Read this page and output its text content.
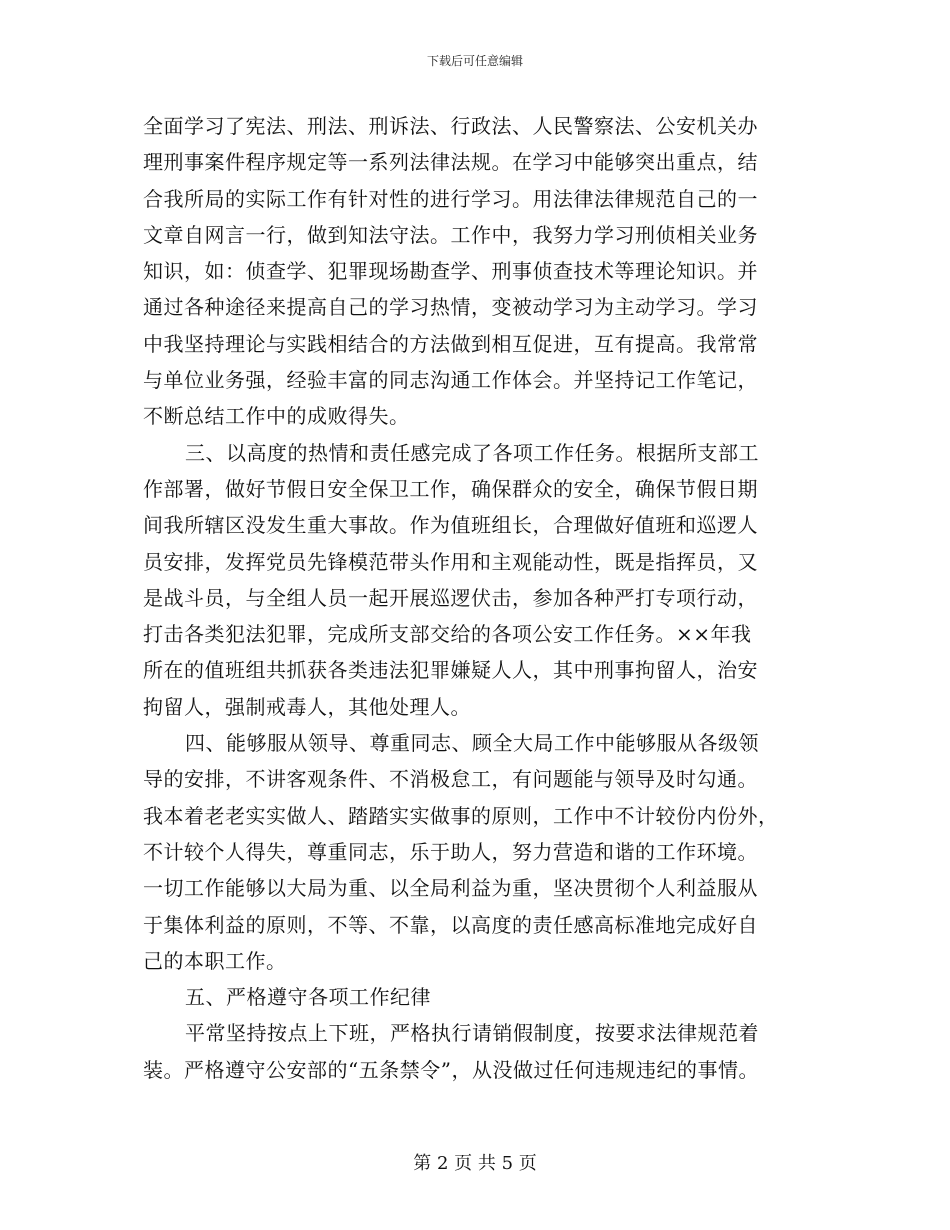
下载后可任意编辑
全面学习了宪法、刑法、刑诉法、行政法、人民警察法、公安机关办
理刑事案件程序规定等一系列法律法规。在学习中能够突出重点，结
合我所局的实际工作有针对性的进行学习。用法律法律规范自己的一
文章自网言一行，做到知法守法。工作中，我努力学习刑侦相关业务
知识，如：侦查学、犯罪现场勘查学、刑事侦查技术等理论知识。并
通过各种途径来提高自己的学习热情，变被动学习为主动学习。学习
中我坚持理论与实践相结合的方法做到相互促进，互有提高。我常常
与单位业务强，经验丰富的同志沟通工作体会。并坚持记工作笔记，
不断总结工作中的成败得失。
三、以高度的热情和责任感完成了各项工作任务。根据所支部工
作部署，做好节假日安全保卫工作，确保群众的安全，确保节假日期
间我所辖区没发生重大事故。作为值班组长，合理做好值班和巡逻人
员安排，发挥党员先锋模范带头作用和主观能动性，既是指挥员，又
是战斗员，与全组人员一起开展巡逻伏击，参加各种严打专项行动，
打击各类犯法犯罪，完成所支部交给的各项公安工作任务。××年我
所在的值班组共抓获各类违法犯罪嫌疑人人，其中刑事拘留人，治安
拘留人，强制戒毒人，其他处理人。
四、能够服从领导、尊重同志、顾全大局工作中能够服从各级领
导的安排，不讲客观条件、不消极怠工，有问题能与领导及时勾通。
我本着老老实实做人、踏踏实实做事的原则，工作中不计较份内份外，
不计较个人得失，尊重同志，乐于助人，努力营造和谐的工作环境。
一切工作能够以大局为重、以全局利益为重，坚决贯彻个人利益服从
于集体利益的原则，不等、不靠，以高度的责任感高标准地完成好自
己的本职工作。
五、严格遵守各项工作纪律
平常坚持按点上下班，严格执行请销假制度，按要求法律规范着
装。严格遵守公安部的“五条禁令”，从没做过任何违规违纪的事情。
第 2 页 共 5 页
